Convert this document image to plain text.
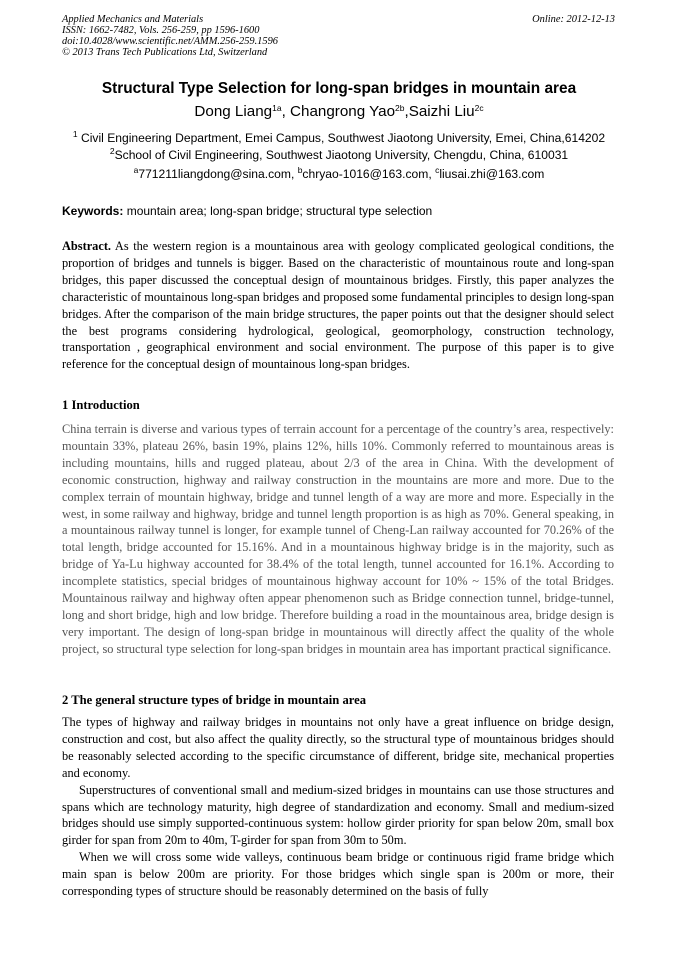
Applied Mechanics and Materials
ISSN: 1662-7482, Vols. 256-259, pp 1596-1600
doi:10.4028/www.scientific.net/AMM.256-259.1596
© 2013 Trans Tech Publications Ltd, Switzerland
Online: 2012-12-13
Structural Type Selection for long-span bridges in mountain area
Dong Liang$^{1a}$, Changrong Yao$^{2b}$,Saizhi Liu$^{2c}$
$^1$ Civil Engineering Department, Emei Campus, Southwest Jiaotong University, Emei, China,614202
$^2$School of Civil Engineering, Southwest Jiaotong University, Chengdu, China, 610031
$^a$771211liangdong@sina.com, $^b$chryao-1016@163.com, $^c$liusai.zhi@163.com
Keywords: mountain area; long-span bridge; structural type selection

Abstract. As the western region is a mountainous area with geology complicated geological conditions, the proportion of bridges and tunnels is bigger. Based on the characteristic of mountainous route and long-span bridges, this paper discussed the conceptual design of mountainous bridges. Firstly, this paper analyzes the characteristic of mountainous long-span bridges and proposed some fundamental principles to design long-span bridges. After the comparison of the main bridge structures, the paper points out that the designer should select the best programs considering hydrological, geological, geomorphology, construction technology, transportation , geographical environment and social environment. The purpose of this paper is to give reference for the conceptual design of mountainous long-span bridges.

1 Introduction

China terrain is diverse and various types of terrain account for a percentage of the country’s area, respectively: mountain 33%, plateau 26%, basin 19%, plains 12%, hills 10%. Commonly referred to mountainous areas is including mountains, hills and rugged plateau, about 2/3 of the area in China. With the development of economic construction, highway and railway construction in the mountains are more and more. Due to the complex terrain of mountain highway, bridge and tunnel length of a way are more and more. Especially in the west, in some railway and highway, bridge and tunnel length proportion is as high as 70%. General speaking, in a mountainous railway tunnel is longer, for example tunnel of Cheng-Lan railway accounted for 70.26% of the total length, bridge accounted for 15.16%. And in a mountainous highway bridge is in the majority, such as bridge of Ya-Lu highway accounted for 38.4% of the total length, tunnel accounted for 16.1%. According to incomplete statistics, special bridges of mountainous highway account for 10% ~ 15% of the total Bridges. Mountainous railway and highway often appear phenomenon such as Bridge connection tunnel, bridge-tunnel, long and short bridge, high and low bridge. Therefore building a road in the mountainous area, bridge design is very important. The design of long-span bridge in mountainous will directly affect the quality of the whole project, so structural type selection for long-span bridges in mountain area has important practical significance.

2 The general structure types of bridge in mountain area

The types of highway and railway bridges in mountains not only have a great influence on bridge design, construction and cost, but also affect the quality directly, so the structural type of mountainous bridges should be reasonably selected according to the specific circumstance of different, bridge site, mechanical properties and economy.

Superstructures of conventional small and medium-sized bridges in mountains can use those structures and spans which are technology maturity, high degree of standardization and economy. Small and medium-sized bridges should use simply supported-continuous system: hollow girder priority for span below 20m, small box girder for span from 20m to 40m, T-girder for span from 30m to 50m.

When we will cross some wide valleys, continuous beam bridge or continuous rigid frame bridge which main span is below 200m are priority. For those bridges which single span is 200m or more, their corresponding types of structure should be reasonably determined on the basis of fully
